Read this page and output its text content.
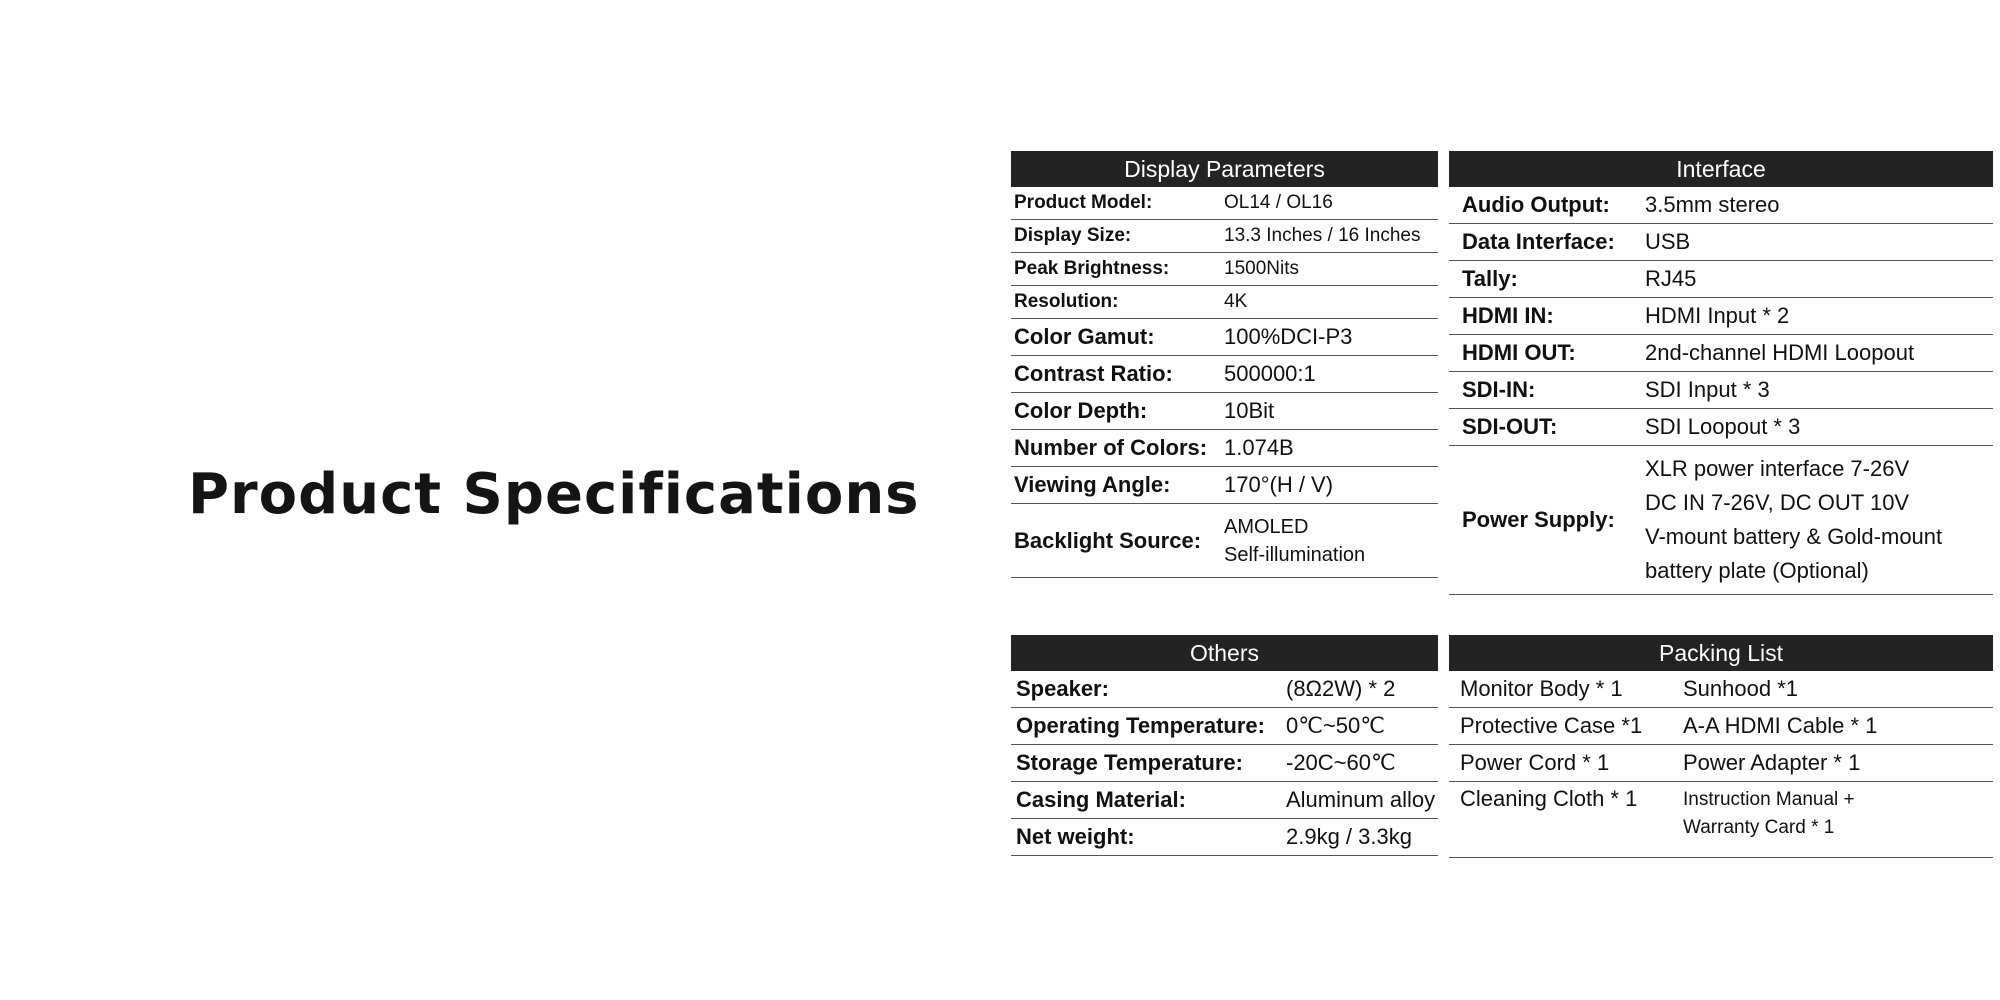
Product Specifications
Display Parameters
Product Model:	OL14 / OL16
Display Size:	13.3 Inches / 16 Inches
Peak Brightness:	1500Nits
Resolution:	4K
Color Gamut:	100%DCI-P3
Contrast Ratio:	500000:1
Color Depth:	10Bit
Number of Colors:	1.074B
Viewing Angle:	170°(H / V)
Backlight Source:	AMOLED
Self-illumination
Interface
Audio Output:	3.5mm stereo
Data Interface:	USB
Tally:	RJ45
HDMI IN:	HDMI Input * 2
HDMI OUT:	2nd-channel HDMI Loopout
SDI-IN:	SDI Input * 3
SDI-OUT:	SDI Loopout * 3
Power Supply:	XLR power interface 7-26V
DC IN 7-26V, DC OUT 10V
V-mount battery & Gold-mount
battery plate (Optional)
Others
Speaker:	(8Ω2W) * 2
Operating Temperature:	0℃~50℃
Storage Temperature:	-20C~60℃
Casing Material:	Aluminum alloy
Net weight:	2.9kg / 3.3kg
Packing List
Monitor Body * 1	Sunhood *1
Protective Case *1	A-A HDMI Cable * 1
Power Cord * 1	Power Adapter * 1
Cleaning Cloth * 1	Instruction Manual +
Warranty Card * 1
